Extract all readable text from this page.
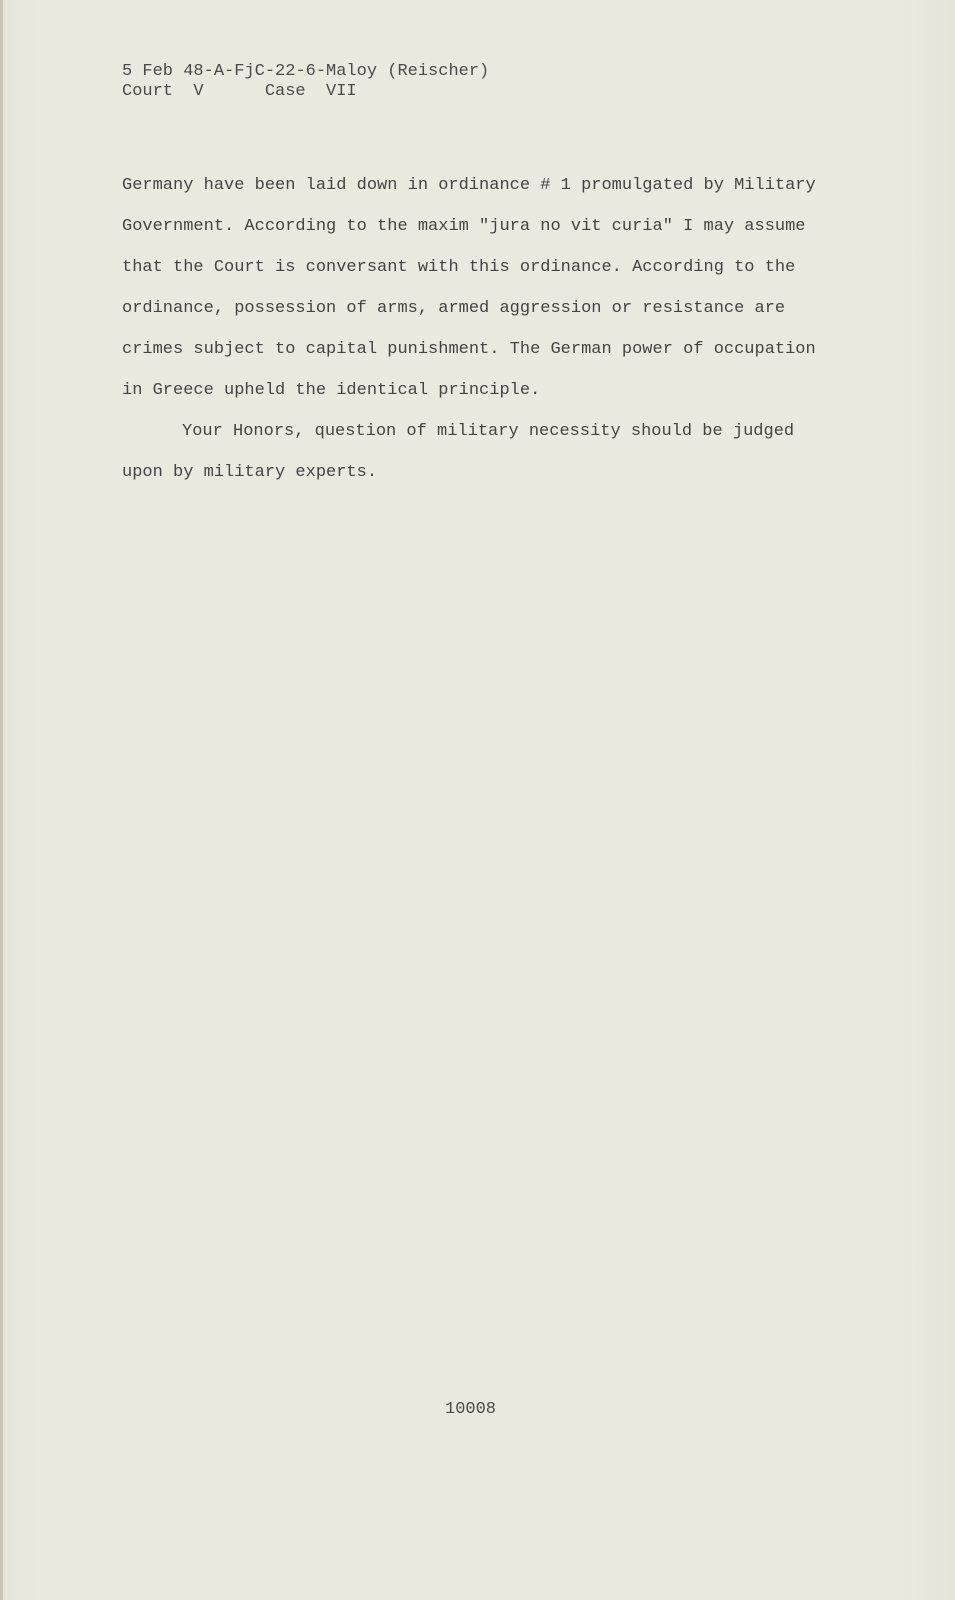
5 Feb 48-A-FjC-22-6-Maloy (Reischer)
Court  V      Case  VII
Germany have been laid down in ordinance # 1 promulgated by Military
Government. According to the maxim "jura no vit curia" I may assume
that the Court is conversant with this ordinance. According to the
ordinance, possession of arms, armed aggression or resistance are
crimes subject to capital punishment. The German power of occupation
in Greece upheld the identical principle.
Your Honors, question of military necessity should be judged
upon by military experts.
10008
